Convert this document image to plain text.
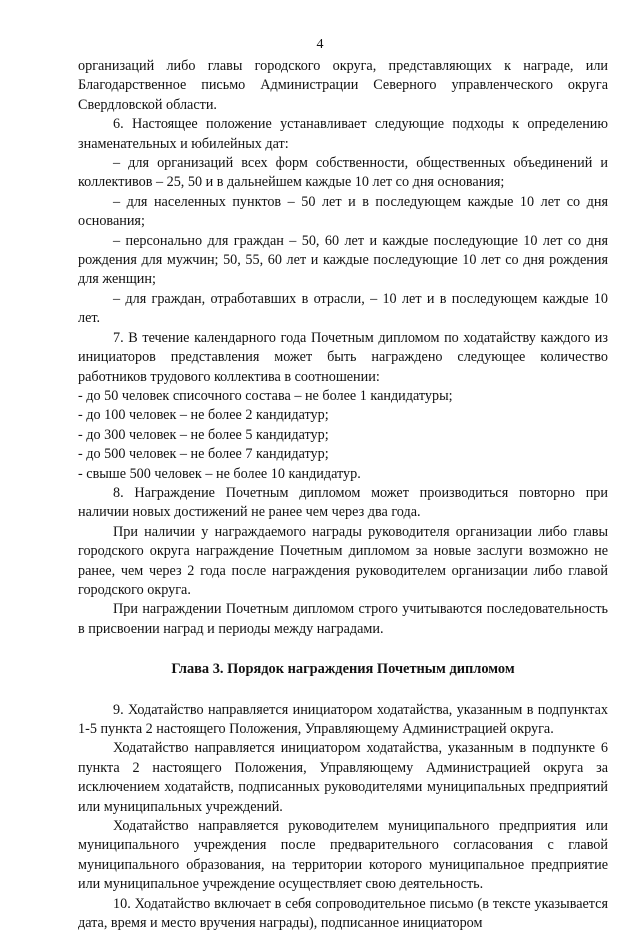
4

организаций либо главы городского округа, представляющих к награде, или Благодарственное письмо Администрации Северного управленческого округа Свердловской области.

6. Настоящее положение устанавливает следующие подходы к определению знаменательных и юбилейных дат:

– для организаций всех форм собственности, общественных объединений и коллективов – 25, 50 и в дальнейшем каждые 10 лет со дня основания;

– для населенных пунктов – 50 лет и в последующем каждые 10 лет со дня основания;

– персонально для граждан – 50, 60 лет и каждые последующие 10 лет со дня рождения для мужчин; 50, 55, 60 лет и каждые последующие 10 лет со дня рождения для женщин;

– для граждан, отработавших в отрасли, – 10 лет и в последующем каждые 10 лет.

7. В течение календарного года Почетным дипломом по ходатайству каждого из инициаторов представления может быть награждено следующее количество работников трудового коллектива в соотношении:

- до 50 человек списочного состава – не более 1 кандидатуры;

- до 100 человек – не более 2 кандидатур;

- до 300 человек – не более 5 кандидатур;

- до 500 человек – не более 7 кандидатур;

- свыше 500 человек – не более 10 кандидатур.

8. Награждение Почетным дипломом может производиться повторно при наличии новых достижений не ранее чем через два года.

При наличии у награждаемого награды руководителя организации либо главы городского округа награждение Почетным дипломом за новые заслуги возможно не ранее, чем через 2 года после награждения руководителем организации либо главой городского округа.

При награждении Почетным дипломом строго учитываются последовательность в присвоении наград и периоды между наградами.

Глава 3. Порядок награждения Почетным дипломом

9. Ходатайство направляется инициатором ходатайства, указанным в подпунктах 1-5 пункта 2 настоящего Положения, Управляющему Администрацией округа.

Ходатайство направляется инициатором ходатайства, указанным в подпункте 6 пункта 2 настоящего Положения, Управляющему Администрацией округа за исключением ходатайств, подписанных руководителями муниципальных предприятий или муниципальных учреждений.

Ходатайство направляется руководителем муниципального предприятия или муниципального учреждения после предварительного согласования с главой муниципального образования, на территории которого муниципальное предприятие или муниципальное учреждение осуществляет свою деятельность.

10. Ходатайство включает в себя сопроводительное письмо (в тексте указывается дата, время и место вручения награды), подписанное инициатором
